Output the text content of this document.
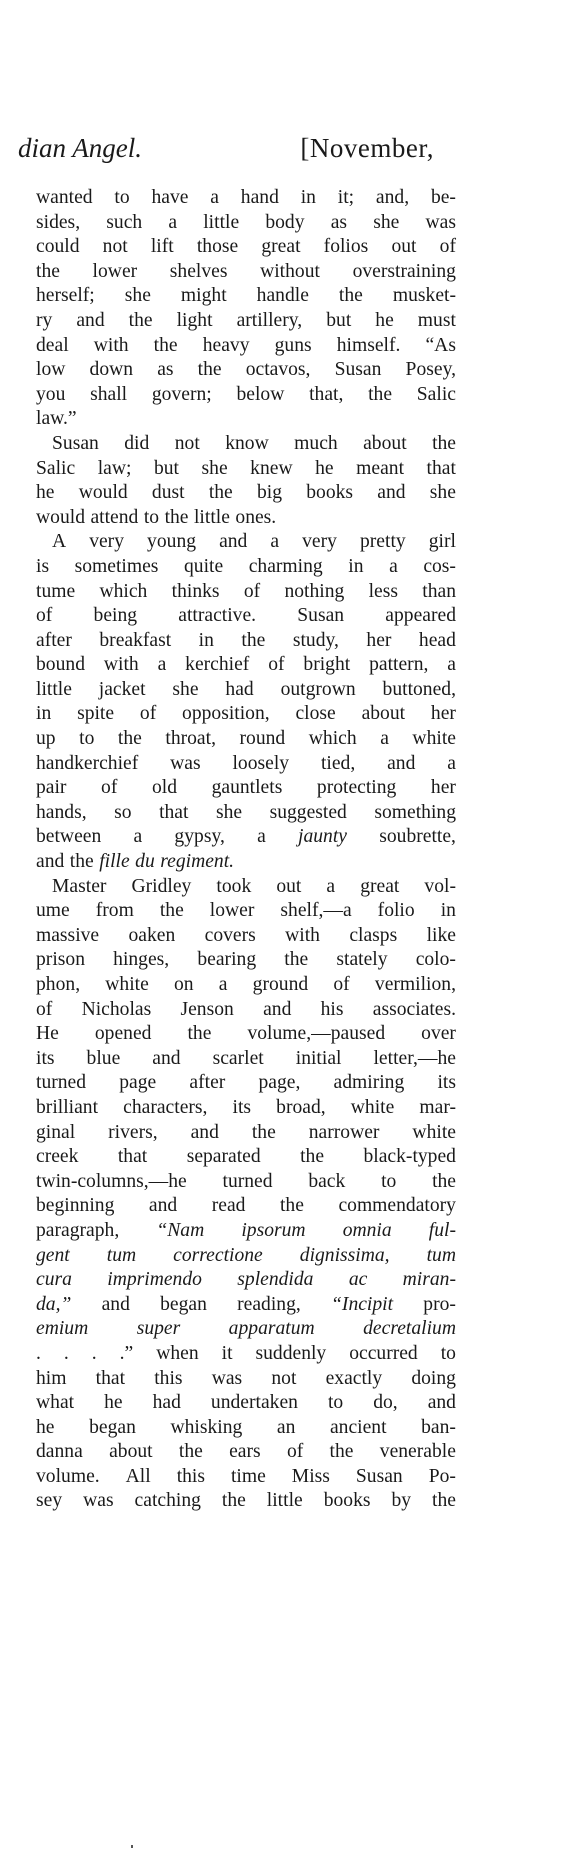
dian Angel.	[November,
wanted to have a hand in it; and, be-
sides, such a little body as she was
could not lift those great folios out of
the lower shelves without overstraining
herself; she might handle the musket-
ry and the light artillery, but he must
deal with the heavy guns himself. “As
low down as the octavos, Susan Posey,
you shall govern; below that, the Salic
law.”
Susan did not know much about the
Salic law; but she knew he meant that
he would dust the big books and she
would attend to the little ones.
A very young and a very pretty girl
is sometimes quite charming in a cos-
tume which thinks of nothing less than
of being attractive. Susan appeared
after breakfast in the study, her head
bound with a kerchief of bright pattern, a
little jacket she had outgrown buttoned,
in spite of opposition, close about her
up to the throat, round which a white
handkerchief was loosely tied, and a
pair of old gauntlets protecting her
hands, so that she suggested something
between a gypsy, a jaunty soubrette,
and the fille du regiment.
Master Gridley took out a great vol-
ume from the lower shelf,—a folio in
massive oaken covers with clasps like
prison hinges, bearing the stately colo-
phon, white on a ground of vermilion,
of Nicholas Jenson and his associates.
He opened the volume,—paused over
its blue and scarlet initial letter,—he
turned page after page, admiring its
brilliant characters, its broad, white mar-
ginal rivers, and the narrower white
creek that separated the black-typed
twin-columns,—he turned back to the
beginning and read the commendatory
paragraph, “Nam ipsorum omnia ful-
gent tum correctione dignissima, tum
cura imprimendo splendida ac miran-
da,” and began reading, “Incipit pro-
emium super apparatum decretalium
. . . .” when it suddenly occurred to
him that this was not exactly doing
what he had undertaken to do, and
he began whisking an ancient ban-
danna about the ears of the venerable
volume. All this time Miss Susan Po-
sey was catching the little books by the
